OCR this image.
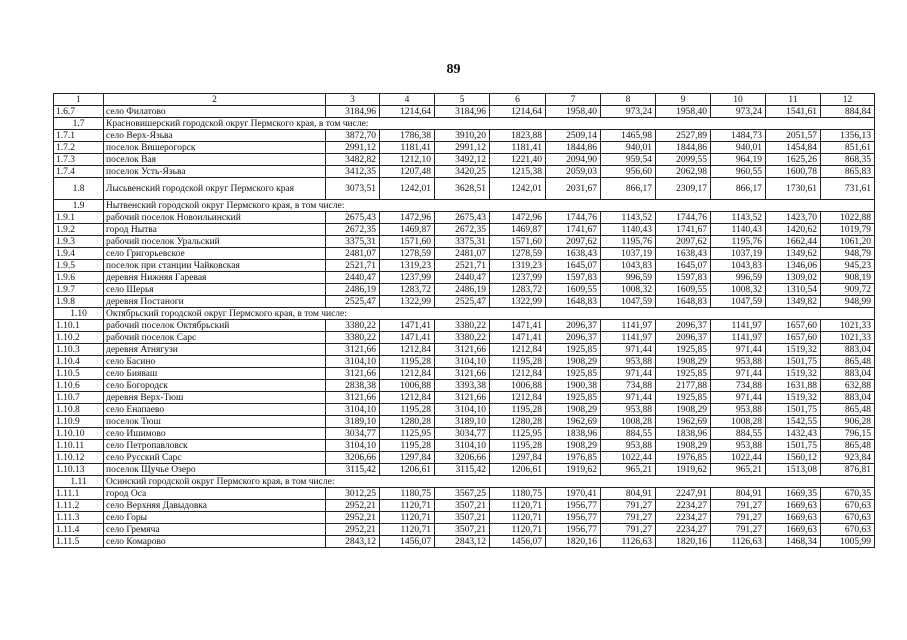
89
1	2	3	4	5	6	7	8	9	10	11	12
1.6.7	село Филатово	3184,96	1214,64	3184,96	1214,64	1958,40	973,24	1958,40	973,24	1541,61	884,84
1.7	Красновишерский городской округ Пермского края, в том числе:										
1.7.1	село Верх-Язьва	3872,70	1786,38	3910,20	1823,88	2509,14	1465,98	2527,89	1484,73	2051,57	1356,13
1.7.2	поселок Вишерогорск	2991,12	1181,41	2991,12	1181,41	1844,86	940,01	1844,86	940,01	1454,84	851,61
1.7.3	поселок Вая	3482,82	1212,10	3492,12	1221,40	2094,90	959,54	2099,55	964,19	1625,26	868,35
1.7.4	поселок Усть-Язьва	3412,35	1207,48	3420,25	1215,38	2059,03	956,60	2062,98	960,55	1600,78	865,83
1.8	Лысьвенский городской округ Пермского края	3073,51	1242,01	3628,51	1242,01	2031,67	866,17	2309,17	866,17	1730,61	731,61
1.9	Нытвенский городской округ Пермского края, в том числе:										
1.9.1	рабочий поселок Новоильинский	2675,43	1472,96	2675,43	1472,96	1744,76	1143,52	1744,76	1143,52	1423,70	1022,88
1.9.2	город Нытва	2672,35	1469,87	2672,35	1469,87	1741,67	1140,43	1741,67	1140,43	1420,62	1019,79
1.9.3	рабочий поселок Уральский	3375,31	1571,60	3375,31	1571,60	2097,62	1195,76	2097,62	1195,76	1662,44	1061,20
1.9.4	село Григорьевское	2481,07	1278,59	2481,07	1278,59	1638,43	1037,19	1638,43	1037,19	1349,62	948,79
1.9.5	поселок при станции Чайковская	2521,71	1319,23	2521,71	1319,23	1645,07	1043,83	1645,07	1043,83	1346,06	945,23
1.9.6	деревня Нижняя Гаревая	2440,47	1237,99	2440,47	1237,99	1597,83	996,59	1597,83	996,59	1309,02	908,19
1.9.7	село Шерья	2486,19	1283,72	2486,19	1283,72	1609,55	1008,32	1609,55	1008,32	1310,54	909,72
1.9.8	деревня Постаноги	2525,47	1322,99	2525,47	1322,99	1648,83	1047,59	1648,83	1047,59	1349,82	948,99
1.10	Октябрьский городской округ Пермского края, в том числе:										
1.10.1	рабочий поселок Октябрьский	3380,22	1471,41	3380,22	1471,41	2096,37	1141,97	2096,37	1141,97	1657,60	1021,33
1.10.2	рабочий поселок Сарс	3380,22	1471,41	3380,22	1471,41	2096,37	1141,97	2096,37	1141,97	1657,60	1021,33
1.10.3	деревня Атнягузи	3121,66	1212,84	3121,66	1212,84	1925,85	971,44	1925,85	971,44	1519,32	883,04
1.10.4	село Басино	3104,10	1195,28	3104,10	1195,28	1908,29	953,88	1908,29	953,88	1501,75	865,48
1.10.5	село Бияваш	3121,66	1212,84	3121,66	1212,84	1925,85	971,44	1925,85	971,44	1519,32	883,04
1.10.6	село Богородск	2838,38	1006,88	3393,38	1006,88	1900,38	734,88	2177,88	734,88	1631,88	632,88
1.10.7	деревня Верх-Тюш	3121,66	1212,84	3121,66	1212,84	1925,85	971,44	1925,85	971,44	1519,32	883,04
1.10.8	село Енапаево	3104,10	1195,28	3104,10	1195,28	1908,29	953,88	1908,29	953,88	1501,75	865,48
1.10.9	поселок Тюш	3189,10	1280,28	3189,10	1280,28	1962,69	1008,28	1962,69	1008,28	1542,55	906,28
1.10.10	село Ишимово	3034,77	1125,95	3034,77	1125,95	1838,96	884,55	1838,96	884,55	1432,43	796,15
1.10.11	село Петропавловск	3104,10	1195,28	3104,10	1195,28	1908,29	953,88	1908,29	953,88	1501,75	865,48
1.10.12	село Русский Сарс	3206,66	1297,84	3206,66	1297,84	1976,85	1022,44	1976,85	1022,44	1560,12	923,84
1.10.13	поселок Щучье Озеро	3115,42	1206,61	3115,42	1206,61	1919,62	965,21	1919,62	965,21	1513,08	876,81
1.11	Осинский городской округ Пермского края, в том числе:										
1.11.1	город Оса	3012,25	1180,75	3567,25	1180,75	1970,41	804,91	2247,91	804,91	1669,35	670,35
1.11.2	село Верхняя Давыдовка	2952,21	1120,71	3507,21	1120,71	1956,77	791,27	2234,27	791,27	1669,63	670,63
1.11.3	село Горы	2952,21	1120,71	3507,21	1120,71	1956,77	791,27	2234,27	791,27	1669,63	670,63
1.11.4	село Гремяча	2952,21	1120,71	3507,21	1120,71	1956,77	791,27	2234,27	791,27	1669,63	670,63
1.11.5	село Комарово	2843,12	1456,07	2843,12	1456,07	1820,16	1126,63	1820,16	1126,63	1468,34	1005,99
